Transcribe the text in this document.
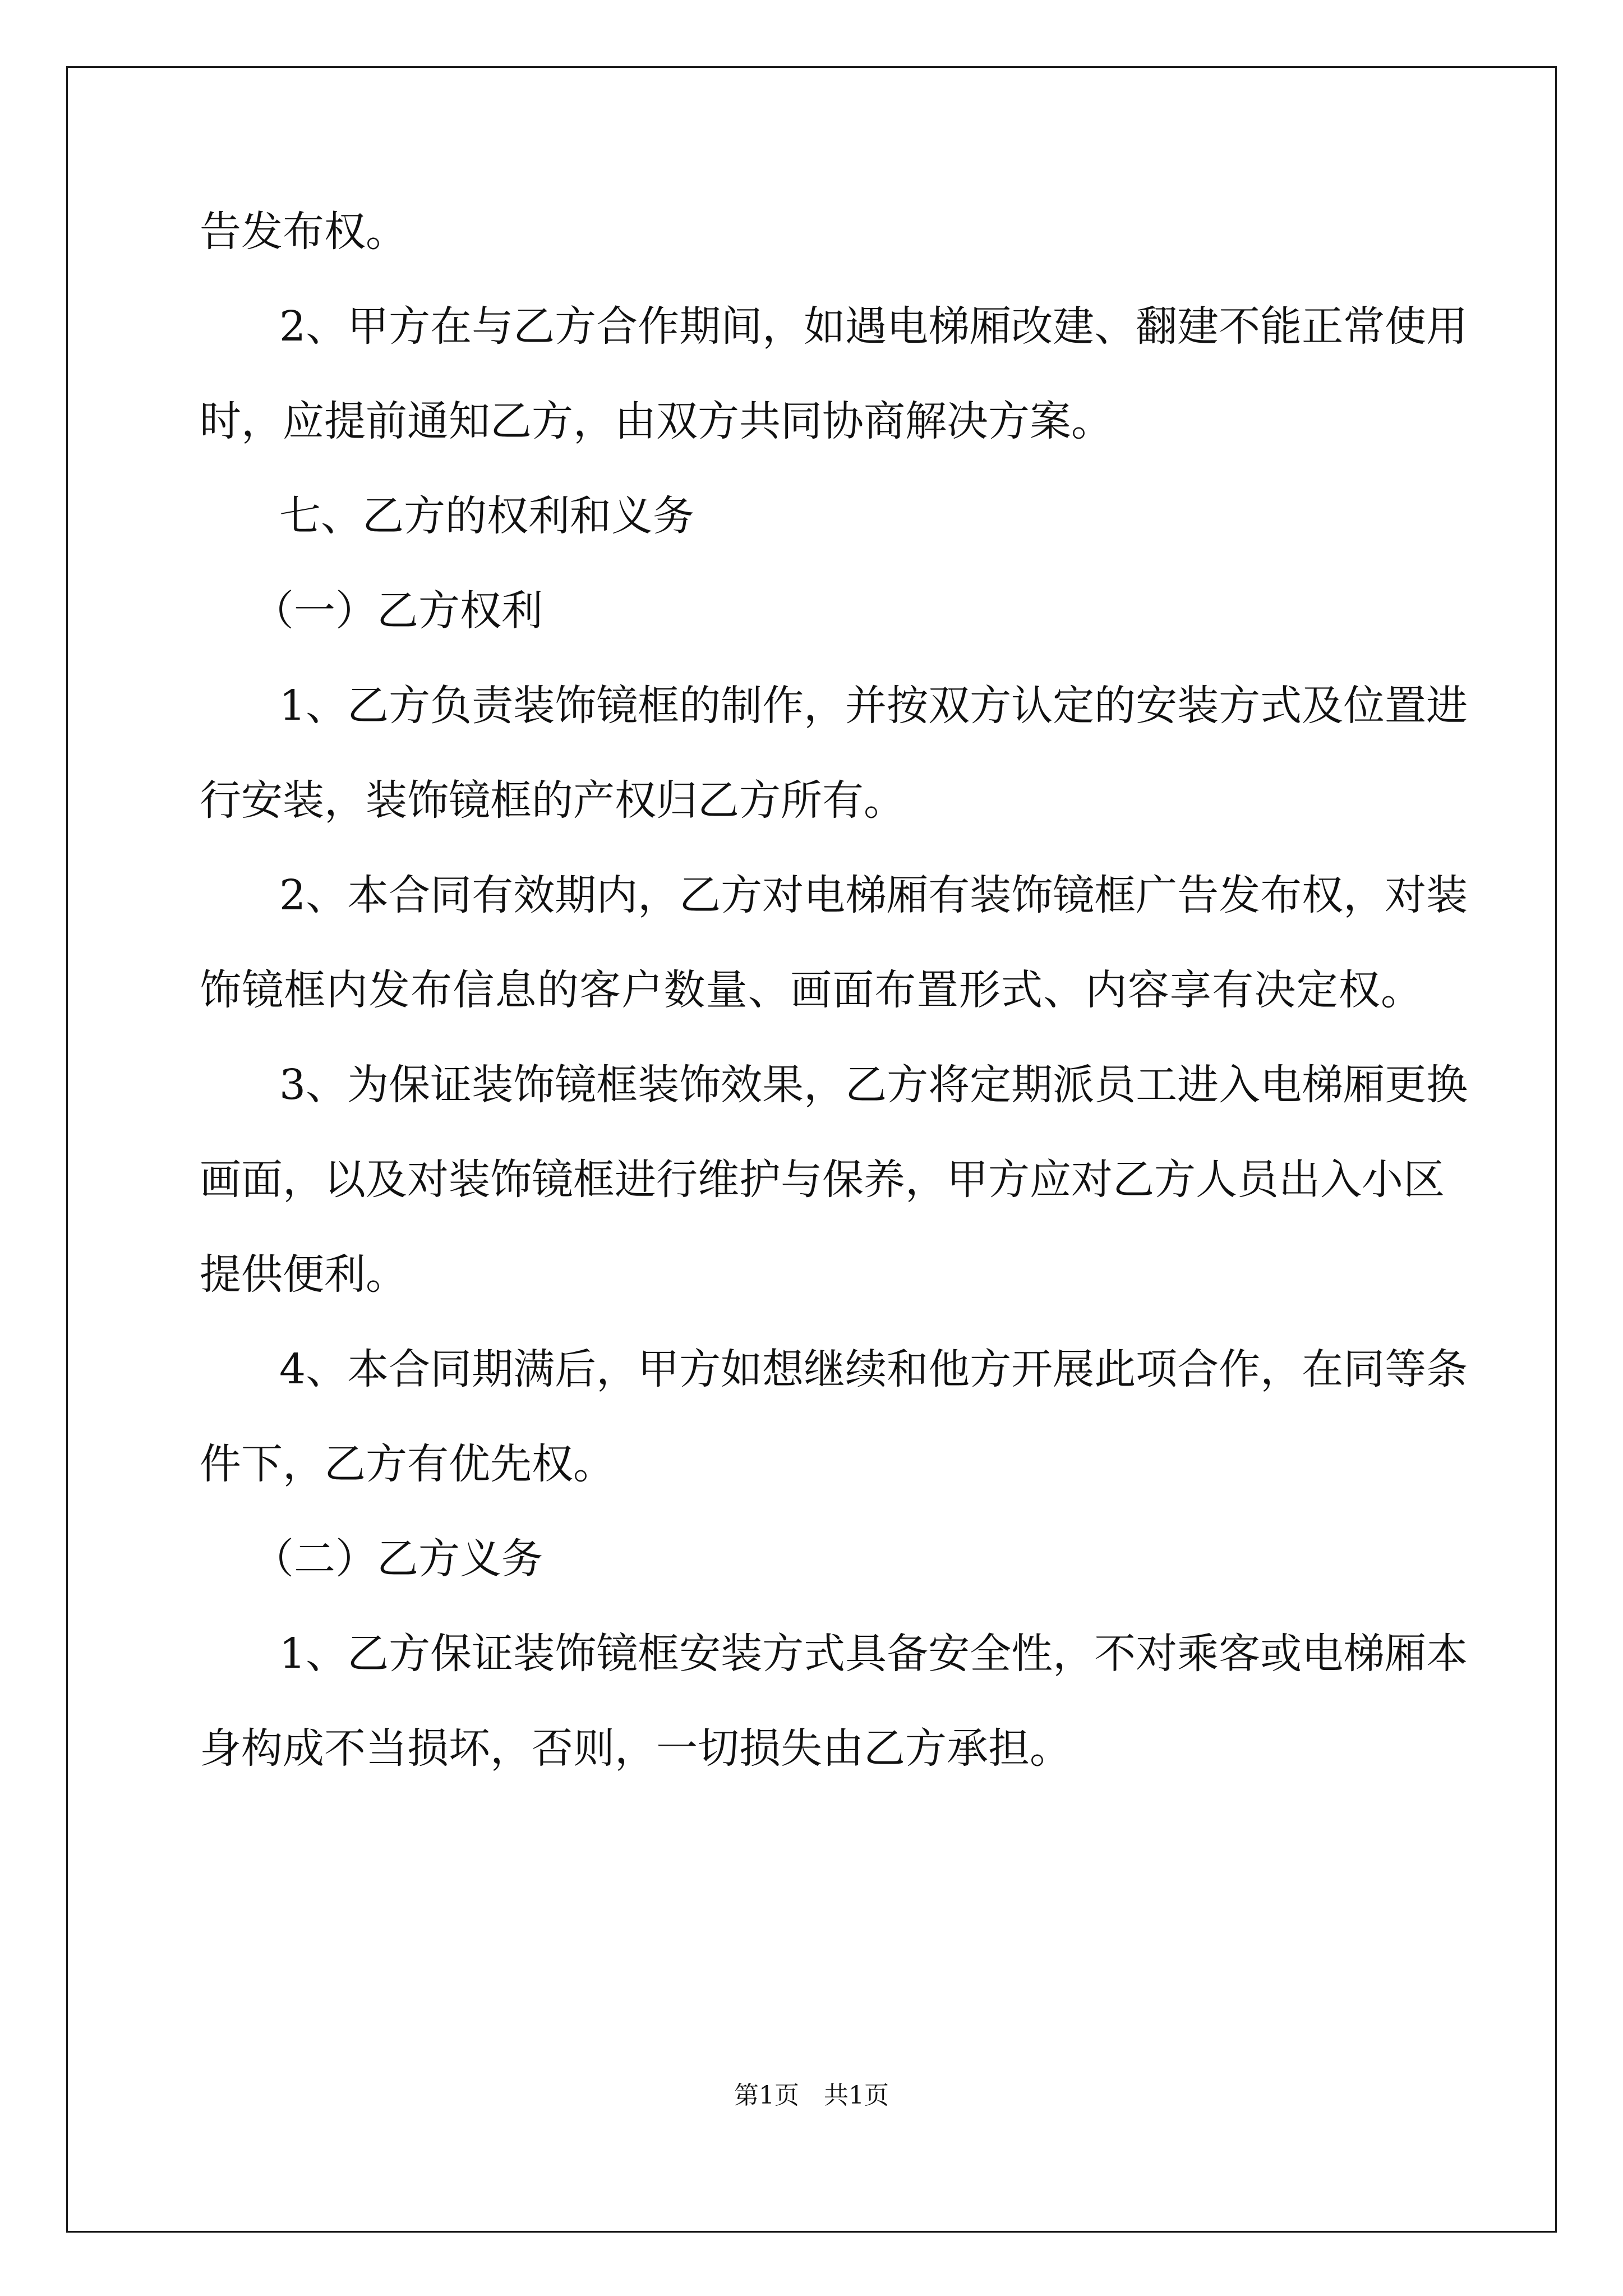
告发布权。
2、甲方在与乙方合作期间，如遇电梯厢改建、翻建不能正常使用
时，应提前通知乙方，由双方共同协商解决方案。
七、乙方的权利和义务
（一）乙方权利
1、乙方负责装饰镜框的制作，并按双方认定的安装方式及位置进
行安装，装饰镜框的产权归乙方所有。
2、本合同有效期内，乙方对电梯厢有装饰镜框广告发布权，对装
饰镜框内发布信息的客户数量、画面布置形式、内容享有决定权。
3、为保证装饰镜框装饰效果，乙方将定期派员工进入电梯厢更换
画面，以及对装饰镜框进行维护与保养，甲方应对乙方人员出入小区
提供便利。
4、本合同期满后，甲方如想继续和他方开展此项合作，在同等条
件下，乙方有优先权。
（二）乙方义务
1、乙方保证装饰镜框安装方式具备安全性，不对乘客或电梯厢本
身构成不当损坏，否则，一切损失由乙方承担。
第1页　共1页
